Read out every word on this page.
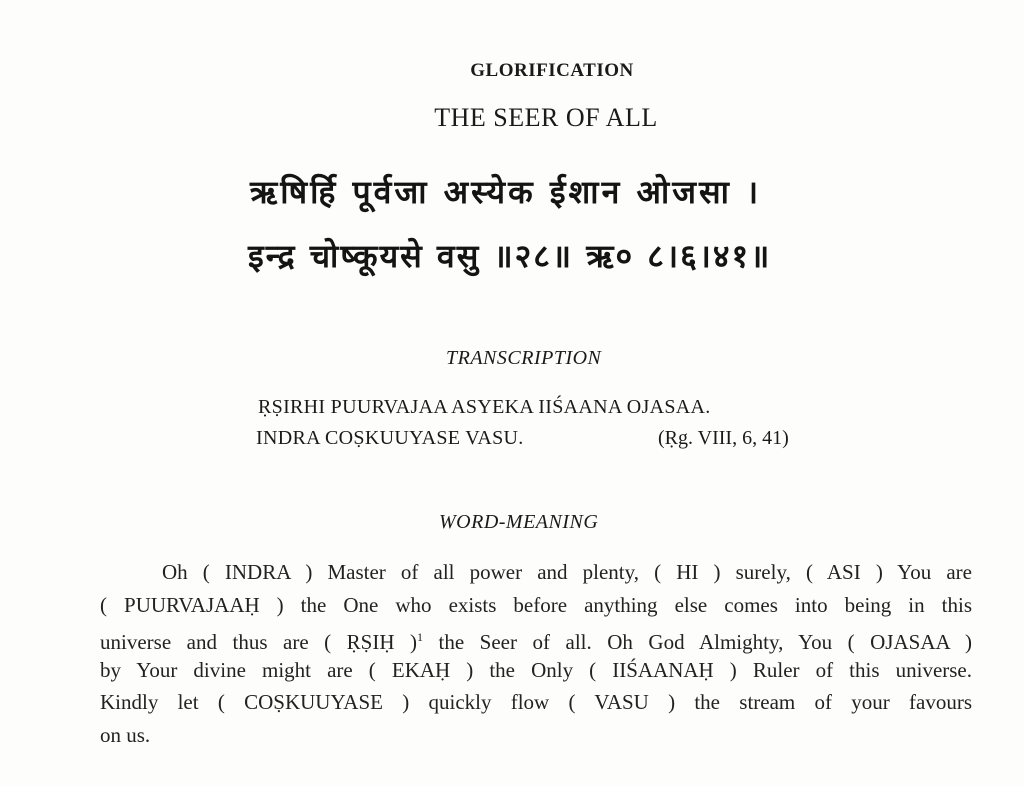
GLORIFICATION
THE SEER OF ALL
ऋषिर्हि पूर्वजा अस्येक ईशान ओजसा ।
इन्द्र चोष्कूयसे वसु ॥२८॥ ऋ० ८।६।४१॥
TRANSCRIPTION
ṚṢIRHI PUURVAJAA ASYEKA IIŚAANA OJASAA.
INDRA COṢKUUYASE VASU.	(Ṛg. VIII, 6, 41)
WORD-MEANING
Oh ( INDRA ) Master of all power and plenty, ( HI ) surely, ( ASI ) You are
( PUURVAJAAḤ ) the One who exists before anything else comes into being in this
universe and thus are ( ṚṢIḤ )$^1$ the Seer of all. Oh God Almighty, You ( OJASAA )
by Your divine might are ( EKAḤ ) the Only ( IIŚAANAḤ ) Ruler of this universe.
Kindly let ( COṢKUUYASE ) quickly flow ( VASU ) the stream of your favours
on us.
